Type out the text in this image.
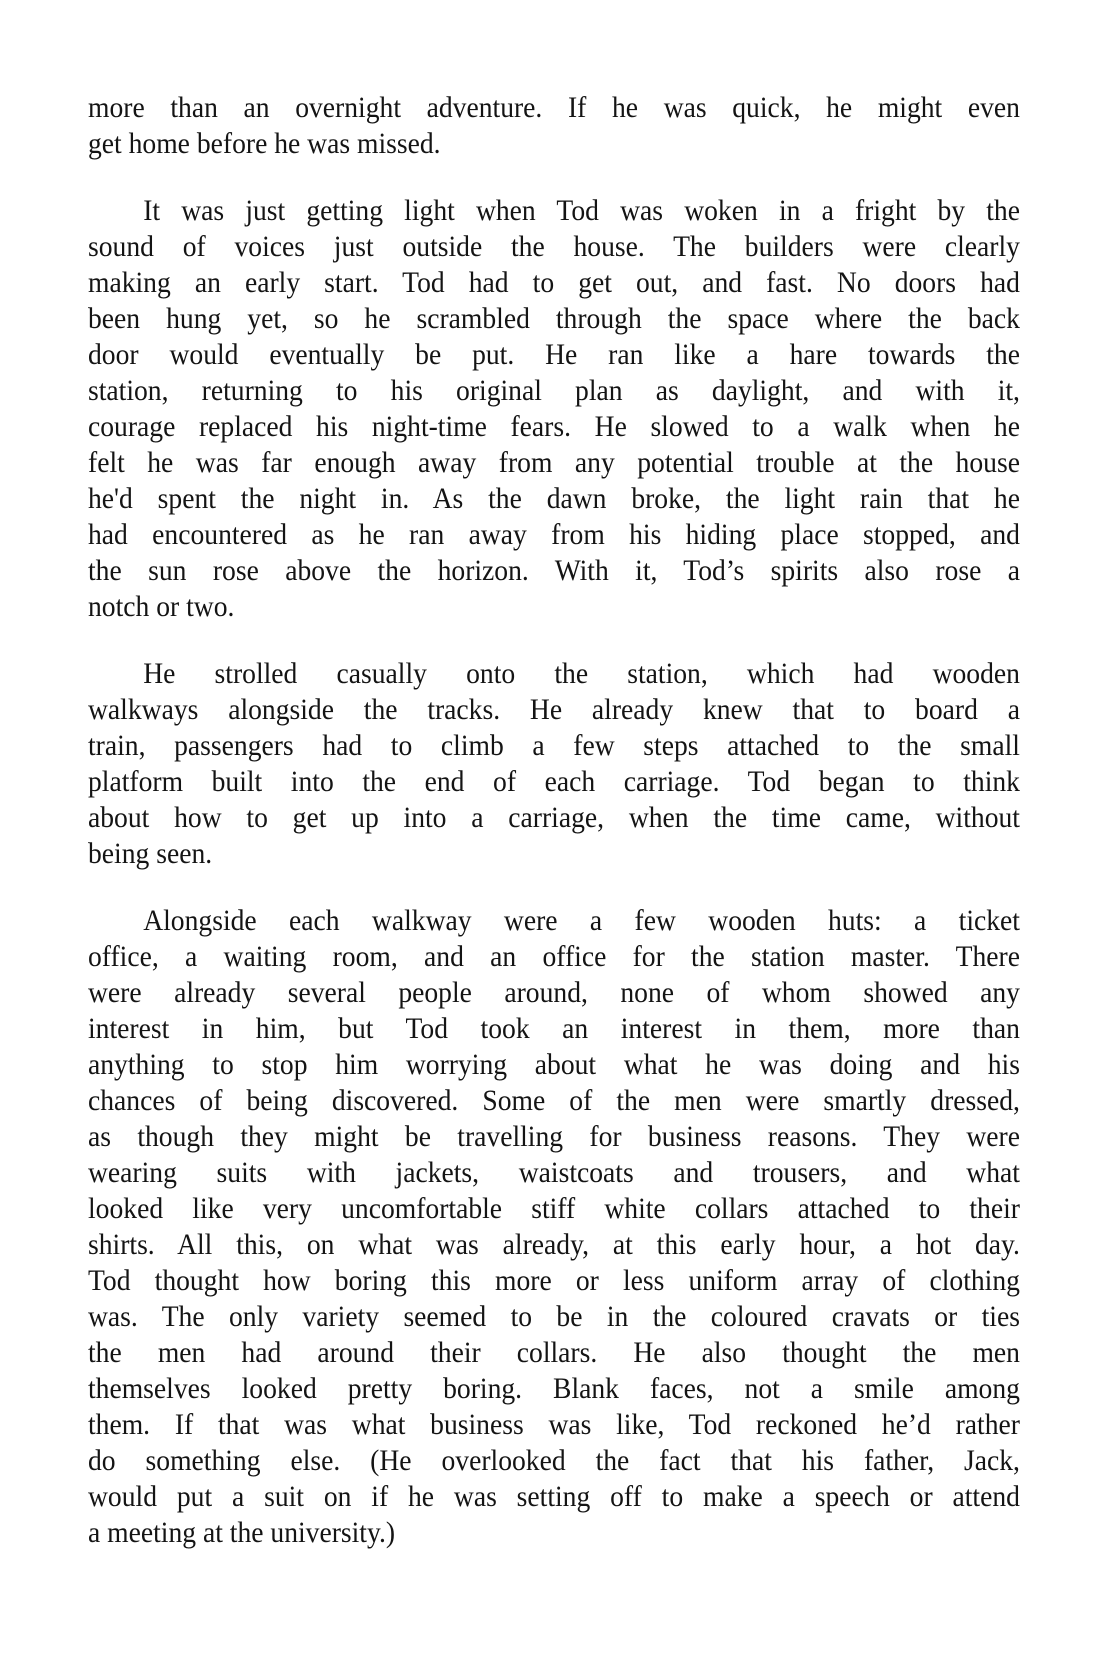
more than an overnight adventure. If he was quick, he might even
get home before he was missed.
It was just getting light when Tod was woken in a fright by the
sound of voices just outside the house. The builders were clearly
making an early start. Tod had to get out, and fast. No doors had
been hung yet, so he scrambled through the space where the back
door would eventually be put. He ran like a hare towards the
station, returning to his original plan as daylight, and with it,
courage replaced his night-time fears. He slowed to a walk when he
felt he was far enough away from any potential trouble at the house
he'd spent the night in. As the dawn broke, the light rain that he
had encountered as he ran away from his hiding place stopped, and
the sun rose above the horizon. With it, Tod’s spirits also rose a
notch or two.
He strolled casually onto the station, which had wooden
walkways alongside the tracks. He already knew that to board a
train, passengers had to climb a few steps attached to the small
platform built into the end of each carriage. Tod began to think
about how to get up into a carriage, when the time came, without
being seen.
Alongside each walkway were a few wooden huts: a ticket
office, a waiting room, and an office for the station master. There
were already several people around, none of whom showed any
interest in him, but Tod took an interest in them, more than
anything to stop him worrying about what he was doing and his
chances of being discovered. Some of the men were smartly dressed,
as though they might be travelling for business reasons. They were
wearing suits with jackets, waistcoats and trousers, and what
looked like very uncomfortable stiff white collars attached to their
shirts. All this, on what was already, at this early hour, a hot day.
Tod thought how boring this more or less uniform array of clothing
was. The only variety seemed to be in the coloured cravats or ties
the men had around their collars. He also thought the men
themselves looked pretty boring. Blank faces, not a smile among
them. If that was what business was like, Tod reckoned he’d rather
do something else. (He overlooked the fact that his father, Jack,
would put a suit on if he was setting off to make a speech or attend
a meeting at the university.)
